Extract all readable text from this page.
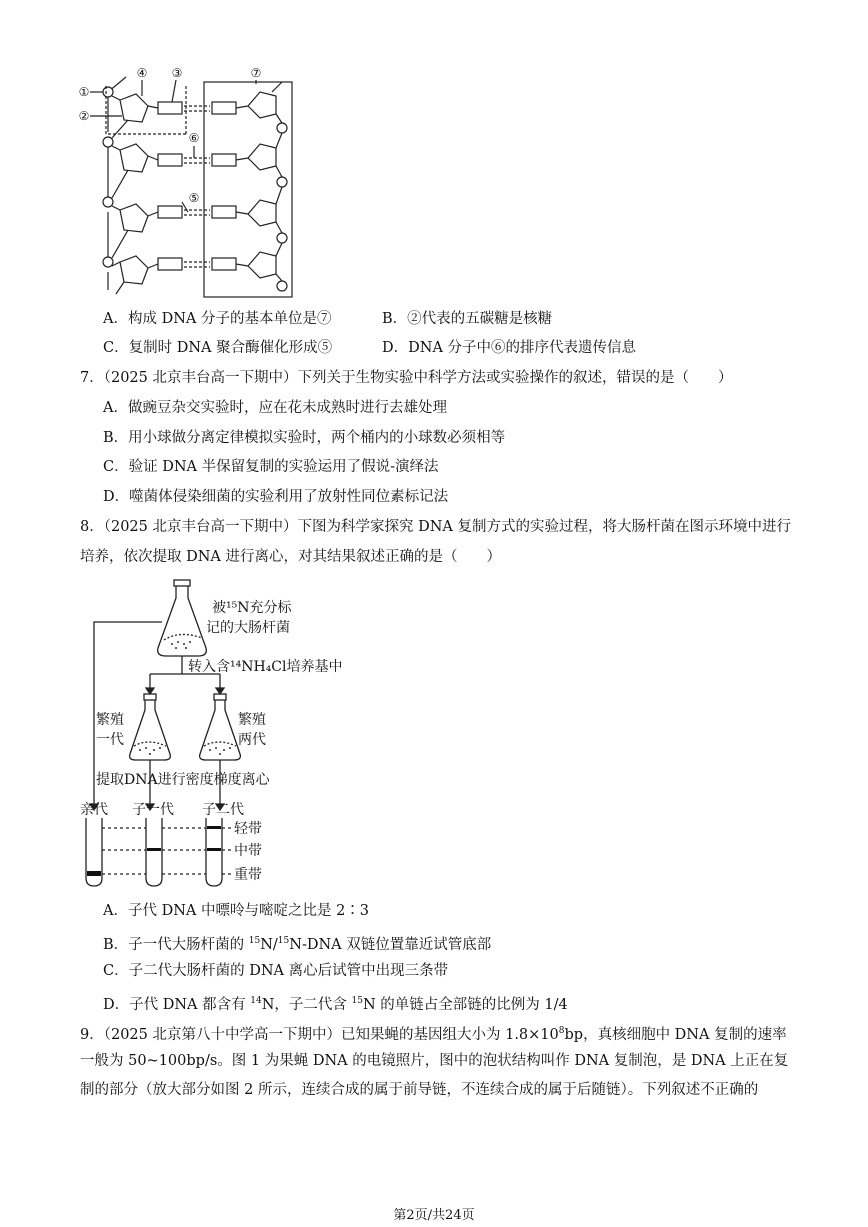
①
②
③
④
⑤
⑥
⑦
A．构成 DNA 分子的基本单位是⑦	B．②代表的五碳糖是核糖
C．复制时 DNA 聚合酶催化形成⑤	D．DNA 分子中⑥的排序代表遗传信息
7．（2025 北京丰台高一下期中）下列关于生物实验中科学方法或实验操作的叙述，错误的是（　　）
A．做豌豆杂交实验时，应在花未成熟时进行去雄处理
B．用小球做分离定律模拟实验时，两个桶内的小球数必须相等
C．验证 DNA 半保留复制的实验运用了假说-演绎法
D．噬菌体侵染细菌的实验利用了放射性同位素标记法
8．（2025 北京丰台高一下期中）下图为科学家探究 DNA 复制方式的实验过程，将大肠杆菌在图示环境中进行
培养，依次提取 DNA 进行离心，对其结果叙述正确的是（　　）
被¹⁵N充分标
记的大肠杆菌
转入含¹⁴NH₄Cl培养基中
繁殖
一代
繁殖
两代
提取DNA进行密度梯度离心
亲代 子一代 子二代
轻带
中带
重带
A．子代 DNA 中嘌呤与嘧啶之比是 2∶3
B．子一代大肠杆菌的 $^{15}$N/$^{15}$N-DNA 双链位置靠近试管底部
C．子二代大肠杆菌的 DNA 离心后试管中出现三条带
D．子代 DNA 都含有 $^{14}$N，子二代含 $^{15}$N 的单链占全部链的比例为 1/4
9．（2025 北京第八十中学高一下期中）已知果蝇的基因组大小为 $1.8\times 10^8bp$，真核细胞中 DNA 复制的速率
一般为 50~100bp/s。图 1 为果蝇 DNA 的电镜照片，图中的泡状结构叫作 DNA 复制泡，是 DNA 上正在复
制的部分（放大部分如图 2 所示，连续合成的属于前导链，不连续合成的属于后随链）。下列叙述不正确的
第2页/共24页
